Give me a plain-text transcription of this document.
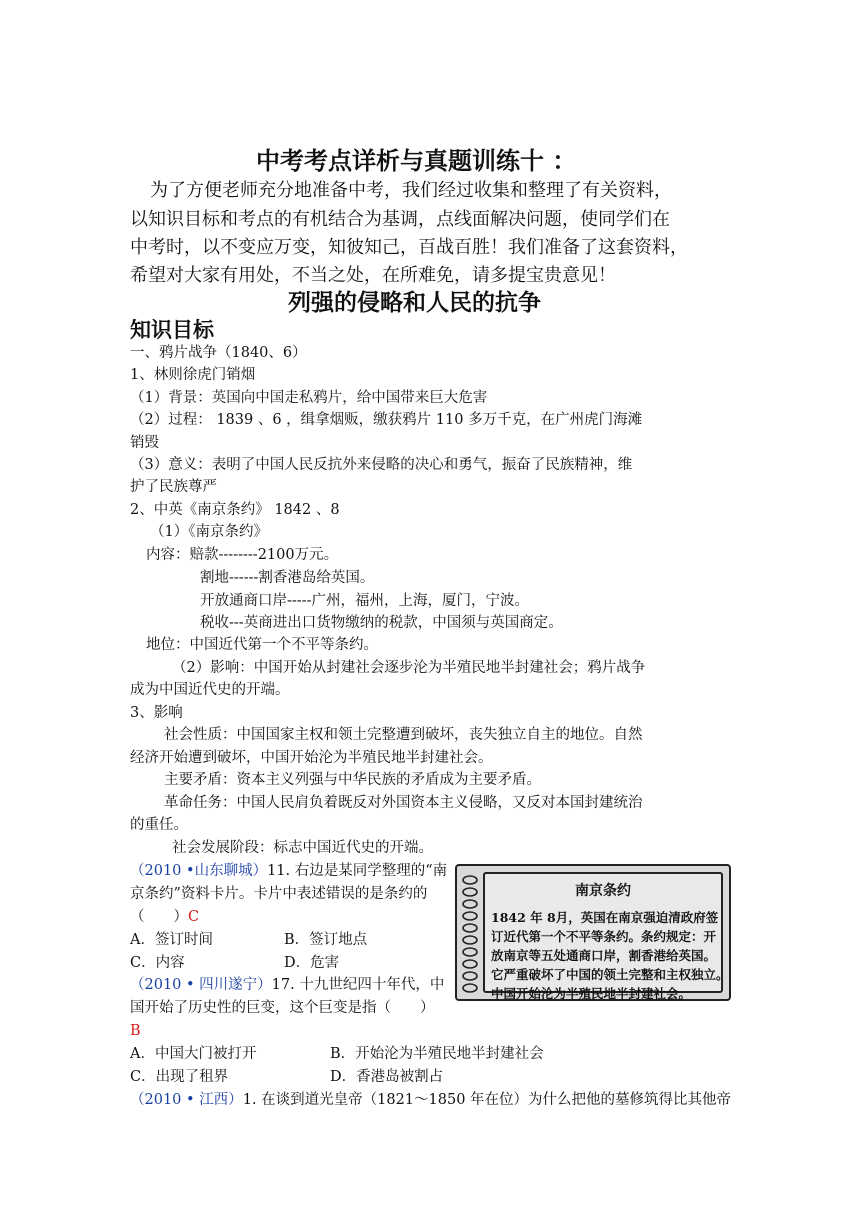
中考考点详析与真题训练十 ：
为了方便老师充分地准备中考，我们经过收集和整理了有关资料，
以知识目标和考点的有机结合为基调，点线面解决问题，使同学们在
中考时，以不变应万变，知彼知己，百战百胜！我们准备了这套资料，
希望对大家有用处，不当之处，在所难免，请多提宝贵意见！
列强的侵略和人民的抗争
知识目标
一、鸦片战争（1840、6）
1、林则徐虎门销烟
（1）背景：英国向中国走私鸦片，给中国带来巨大危害
（2）过程： 1839 、6 ，缉拿烟贩，缴获鸦片 110 多万千克，在广州虎门海滩
销毁
（3）意义：表明了中国人民反抗外来侵略的决心和勇气，振奋了民族精神，维
护了民族尊严
2、中英《南京条约》 1842 、8
（1）《南京条约》
内容：赔款--------2100万元。
割地------割香港岛给英国。
开放通商口岸-----广州，福州，上海，厦门，宁波。
税收---英商进出口货物缴纳的税款，中国须与英国商定。
地位：中国近代第一个不平等条约。
（2）影响：中国开始从封建社会逐步沦为半殖民地半封建社会；鸦片战争
成为中国近代史的开端。
3、影响
社会性质：中国国家主权和领土完整遭到破坏，丧失独立自主的地位。自然
经济开始遭到破坏，中国开始沦为半殖民地半封建社会。
主要矛盾：资本主义列强与中华民族的矛盾成为主要矛盾。
革命任务：中国人民肩负着既反对外国资本主义侵略，又反对本国封建统治
的重任。
社会发展阶段：标志中国近代史的开端。
（2010 •山东聊城）11. 右边是某同学整理的“南
京条约”资料卡片。卡片中表述错误的是条约的
（　　）C
A．签订时间	B．签订地点
C．内容	D．危害
（2010 • 四川遂宁）17. 十九世纪四十年代，中
国开始了历史性的巨变，这个巨变是指（　　）
B
A．中国大门被打开	B．开始沦为半殖民地半封建社会
C．出现了租界	D．香港岛被割占
（2010 • 江西）1. 在谈到道光皇帝（1821～1850 年在位）为什么把他的墓修筑得比其他帝
南京条约
1842 年 8月，英国在南京强迫清政府签
订近代第一个不平等条约。条约规定：开
放南京等五处通商口岸，割香港给英国。
它严重破坏了中国的领土完整和主权独立。
中国开始沦为半殖民地半封建社会。
